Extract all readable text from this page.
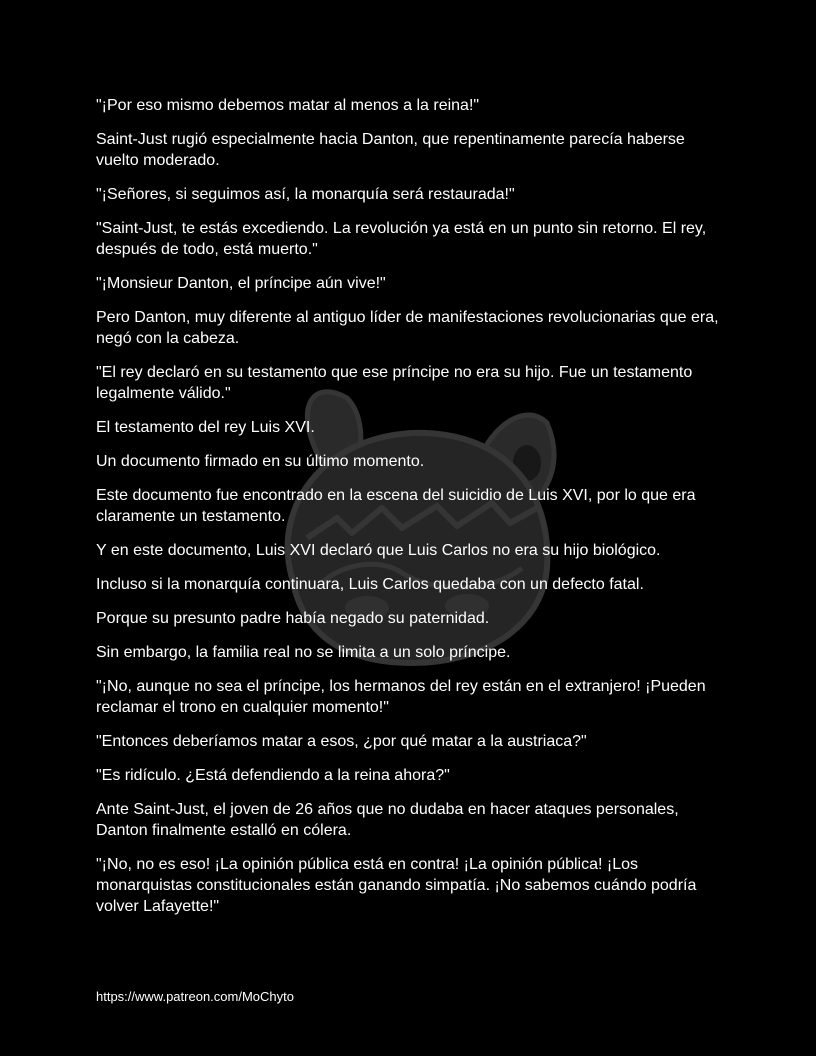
"¡Por eso mismo debemos matar al menos a la reina!"

Saint-Just rugió especialmente hacia Danton, que repentinamente parecía haberse vuelto moderado.

"¡Señores, si seguimos así, la monarquía será restaurada!"

"Saint-Just, te estás excediendo. La revolución ya está en un punto sin retorno. El rey, después de todo, está muerto."

"¡Monsieur Danton, el príncipe aún vive!"

Pero Danton, muy diferente al antiguo líder de manifestaciones revolucionarias que era, negó con la cabeza.

"El rey declaró en su testamento que ese príncipe no era su hijo. Fue un testamento legalmente válido."

El testamento del rey Luis XVI.

Un documento firmado en su último momento.

Este documento fue encontrado en la escena del suicidio de Luis XVI, por lo que era claramente un testamento.

Y en este documento, Luis XVI declaró que Luis Carlos no era su hijo biológico.

Incluso si la monarquía continuara, Luis Carlos quedaba con un defecto fatal.

Porque su presunto padre había negado su paternidad.

Sin embargo, la familia real no se limita a un solo príncipe.

"¡No, aunque no sea el príncipe, los hermanos del rey están en el extranjero! ¡Pueden reclamar el trono en cualquier momento!"

"Entonces deberíamos matar a esos, ¿por qué matar a la austriaca?"

"Es ridículo. ¿Está defendiendo a la reina ahora?"

Ante Saint-Just, el joven de 26 años que no dudaba en hacer ataques personales, Danton finalmente estalló en cólera.

"¡No, no es eso! ¡La opinión pública está en contra! ¡La opinión pública! ¡Los monarquistas constitucionales están ganando simpatía. ¡No sabemos cuándo podría volver Lafayette!"

https://www.patreon.com/MoChyto
